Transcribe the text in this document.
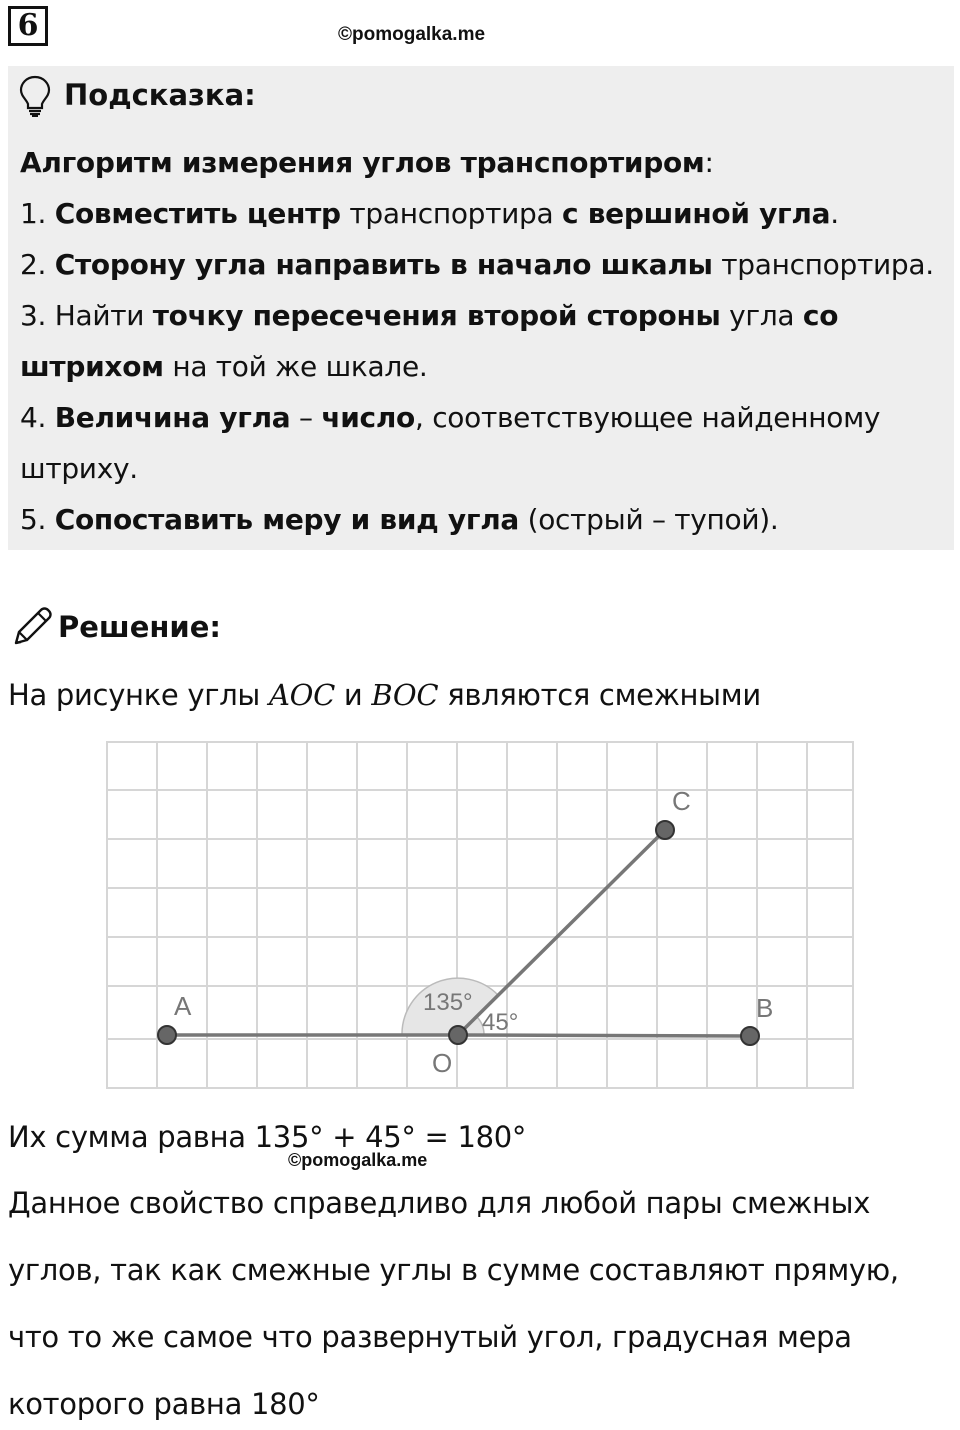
6	©pomogalka.me
Подсказка:
Алгоритм измерения углов транспортиром:
1. Совместить центр транспортира с вершиной угла.
2. Сторону угла направить в начало шкалы транспортира.
3. Найти точку пересечения второй стороны угла со
штрихом на той же шкале.
4. Величина угла – число, соответствующее найденному
штриху.
5. Сопоставить меру и вид угла (острый – тупой).
Решение:
На рисунке углы AOC и BOC являются смежными
A	B
C
O
135°
45°
Их сумма равна 135° + 45° = 180°
©pomogalka.me
Данное свойство справедливо для любой пары смежных
углов, так как смежные углы в сумме составляют прямую,
что то же самое что развернутый угол, градусная мера
которого равна 180°
